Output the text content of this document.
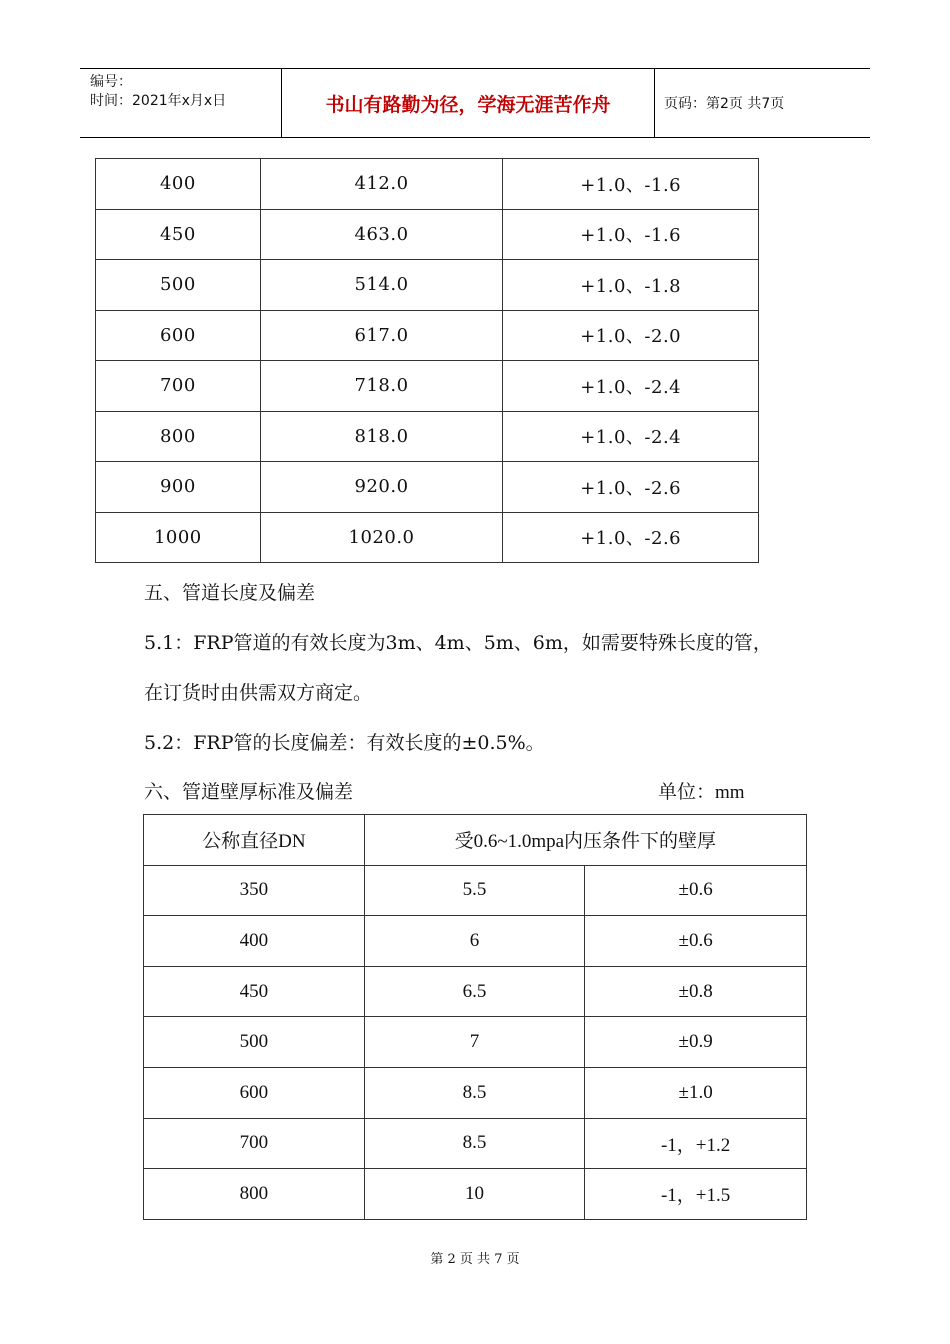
编号：
时间：2021年x月x日	书山有路勤为径，学海无涯苦作舟	页码：第2页 共7页
400	412.0	+1.0、-1.6
450	463.0	+1.0、-1.6
500	514.0	+1.0、-1.8
600	617.0	+1.0、-2.0
700	718.0	+1.0、-2.4
800	818.0	+1.0、-2.4
900	920.0	+1.0、-2.6
1000	1020.0	+1.0、-2.6
五、管道长度及偏差
5.1：FRP管道的有效长度为3m、4m、5m、6m，如需要特殊长度的管，
在订货时由供需双方商定。
5.2：FRP管的长度偏差：有效长度的±0.5%。
六、管道壁厚标准及偏差	单位：mm
公称直径DN	受0.6~1.0mpa内压条件下的壁厚	
350	5.5	±0.6
400	6	±0.6
450	6.5	±0.8
500	7	±0.9
600	8.5	±1.0
700	8.5	-1，+1.2
800	10	-1，+1.5
第 2 页 共 7 页
